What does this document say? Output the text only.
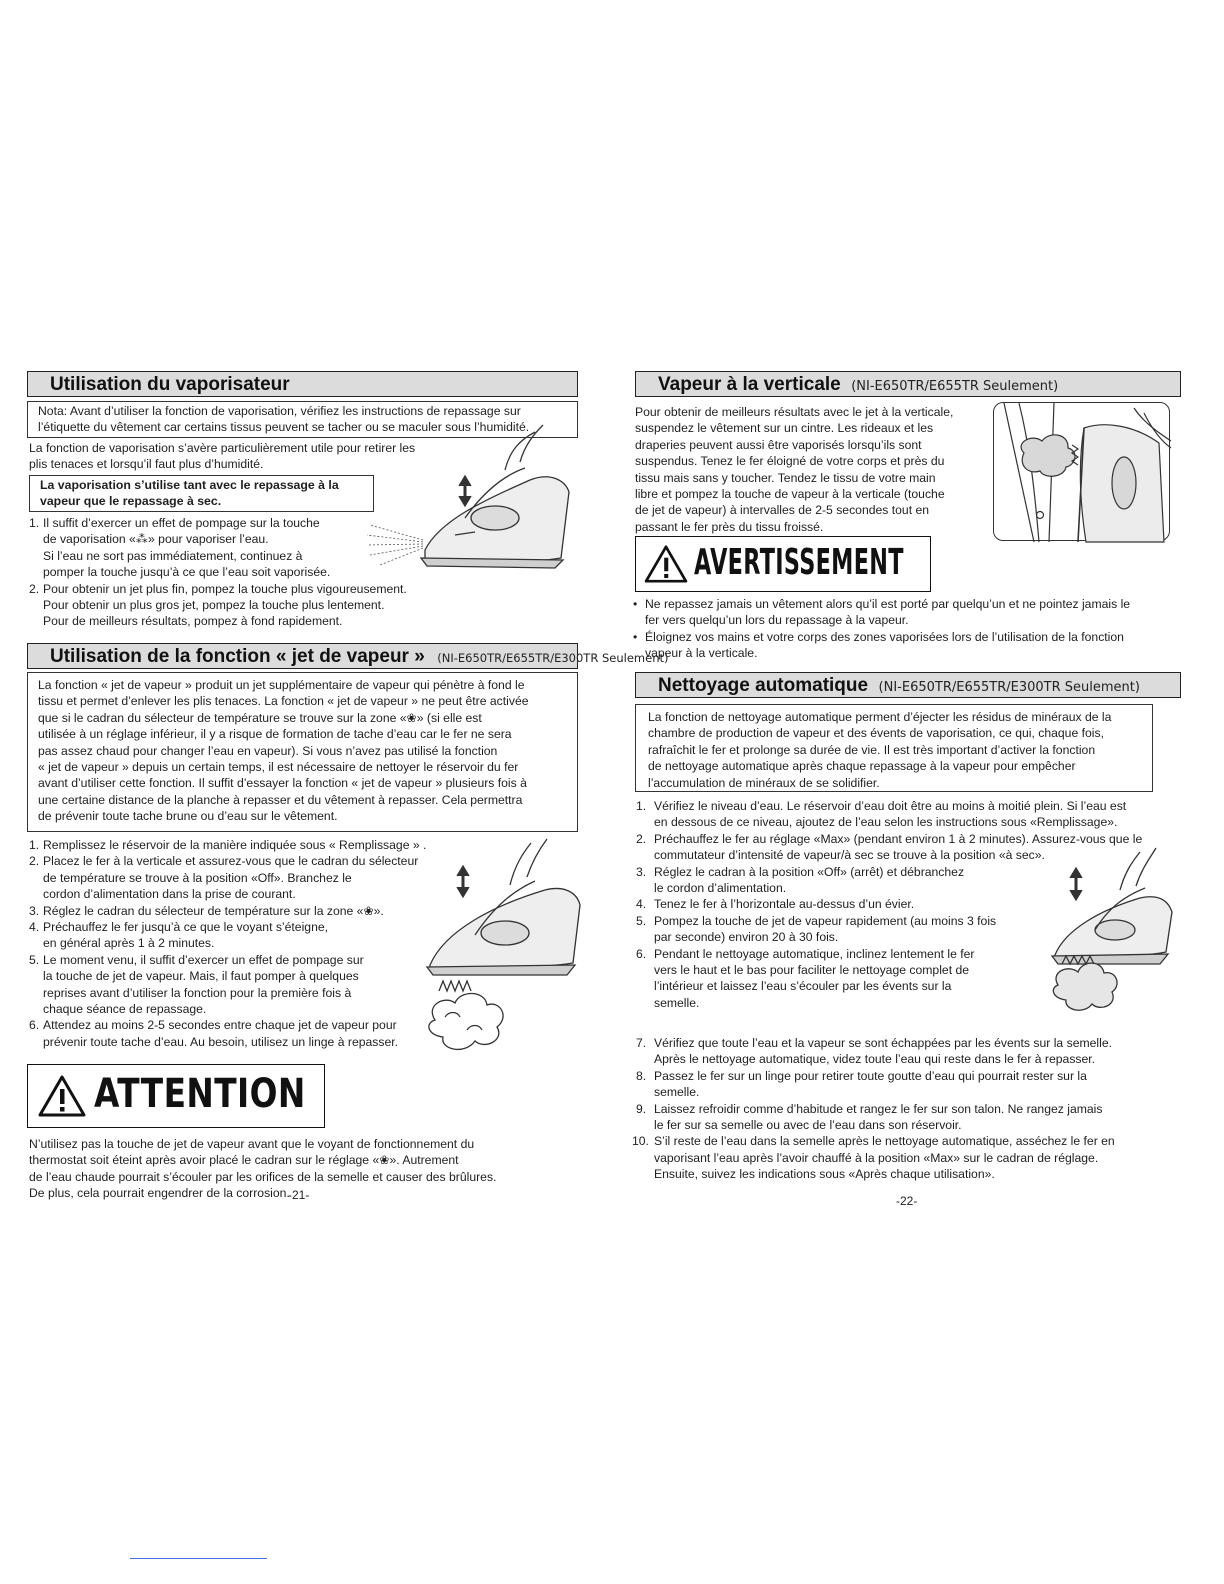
Utilisation du vaporisateur
Nota: Avant d’utiliser la fonction de vaporisation, vérifiez les instructions de repassage sur l’étiquette du vêtement car certains tissus peuvent se tacher ou se maculer sous l’humidité.
La fonction de vaporisation s’avère particulièrement utile pour retirer les
plis tenaces et lorsqu’il faut plus d’humidité.
La vaporisation s’utilise tant avec le repassage à la
vapeur que le repassage à sec.
1. Il suffit d’exercer un effet de pompage sur la touche
de vaporisation «⁂» pour vaporiser l’eau.
Si l’eau ne sort pas immédiatement, continuez à
pomper la touche jusqu’à ce que l’eau soit vaporisée.
2. Pour obtenir un jet plus fin, pompez la touche plus vigoureusement.
Pour obtenir un plus gros jet, pompez la touche plus lentement.
Pour de meilleurs résultats, pompez à fond rapidement.
Utilisation de la fonction « jet de vapeur » (NI-E650TR/E655TR/E300TR Seulement)
La fonction « jet de vapeur » produit un jet supplémentaire de vapeur qui pénètre à fond le
tissu et permet d’enlever les plis tenaces. La fonction « jet de vapeur » ne peut être activée
que si le cadran du sélecteur de température se trouve sur la zone «❀» (si elle est
utilisée à un réglage inférieur, il y a risque de formation de tache d’eau car le fer ne sera
pas assez chaud pour changer l’eau en vapeur). Si vous n’avez pas utilisé la fonction
« jet de vapeur » depuis un certain temps, il est nécessaire de nettoyer le réservoir du fer
avant d’utiliser cette fonction. Il suffit d’essayer la fonction « jet de vapeur » plusieurs fois à
une certaine distance de la planche à repasser et du vêtement à repasser. Cela permettra
de prévenir toute tache brune ou d’eau sur le vêtement.
1. Remplissez le réservoir de la manière indiquée sous « Remplissage » .
2. Placez le fer à la verticale et assurez-vous que le cadran du sélecteur
de température se trouve à la position «Off». Branchez le
cordon d’alimentation dans la prise de courant.
3. Réglez le cadran du sélecteur de température sur la zone «❀».
4. Préchauffez le fer jusqu’à ce que le voyant s’éteigne,
en général après 1 à 2 minutes.
5. Le moment venu, il suffit d’exercer un effet de pompage sur
la touche de jet de vapeur. Mais, il faut pomper à quelques
reprises avant d’utiliser la fonction pour la première fois à
chaque séance de repassage.
6. Attendez au moins 2-5 secondes entre chaque jet de vapeur pour
prévenir toute tache d’eau. Au besoin, utilisez un linge à repasser.
ATTENTION
N’utilisez pas la touche de jet de vapeur avant que le voyant de fonctionnement du
thermostat soit éteint après avoir placé le cadran sur le réglage «❀». Autrement
de l’eau chaude pourrait s’écouler par les orifices de la semelle et causer des brûlures.
De plus, cela pourrait engendrer de la corrosion.
-21-
Vapeur à la verticale (NI-E650TR/E655TR Seulement)
Pour obtenir de meilleurs résultats avec le jet à la verticale,
suspendez le vêtement sur un cintre. Les rideaux et les
draperies peuvent aussi être vaporisés lorsqu’ils sont
suspendus. Tenez le fer éloigné de votre corps et près du
tissu mais sans y toucher. Tendez le tissu de votre main
libre et pompez la touche de vapeur à la verticale (touche
de jet de vapeur) à intervalles de 2-5 secondes tout en
passant le fer près du tissu froissé.
AVERTISSEMENT
• Ne repassez jamais un vêtement alors qu’il est porté par quelqu’un et ne pointez jamais le
fer vers quelqu’un lors du repassage à la vapeur.
• Éloignez vos mains et votre corps des zones vaporisées lors de l’utilisation de la fonction
vapeur à la verticale.
Nettoyage automatique (NI-E650TR/E655TR/E300TR Seulement)
La fonction de nettoyage automatique perment d’éjecter les résidus de minéraux de la
chambre de production de vapeur et des évents de vaporisation, ce qui, chaque fois,
rafraîchit le fer et prolonge sa durée de vie. Il est très important d’activer la fonction
de nettoyage automatique après chaque repassage à la vapeur pour empêcher
l’accumulation de minéraux de se solidifier.
1. Vérifiez le niveau d’eau. Le réservoir d’eau doit être au moins à moitié plein. Si l’eau est
en dessous de ce niveau, ajoutez de l’eau selon les instructions sous «Remplissage».
2. Préchauffez le fer au réglage «Max» (pendant environ 1 à 2 minutes). Assurez-vous que le
commutateur d’intensité de vapeur/à sec se trouve à la position «à sec».
3. Réglez le cadran à la position «Off» (arrêt) et débranchez
le cordon d’alimentation.
4. Tenez le fer à l’horizontale au-dessus d’un évier.
5. Pompez la touche de jet de vapeur rapidement (au moins 3 fois
par seconde) environ 20 à 30 fois.
6. Pendant le nettoyage automatique, inclinez lentement le fer
vers le haut et le bas pour faciliter le nettoyage complet de
l’intérieur et laissez l’eau s’écouler par les évents sur la
semelle.
7. Vérifiez que toute l’eau et la vapeur se sont échappées par les évents sur la semelle.
Après le nettoyage automatique, videz toute l’eau qui reste dans le fer à repasser.
8. Passez le fer sur un linge pour retirer toute goutte d’eau qui pourrait rester sur la
semelle.
9. Laissez refroidir comme d’habitude et rangez le fer sur son talon. Ne rangez jamais
le fer sur sa semelle ou avec de l’eau dans son réservoir.
10. S’il reste de l’eau dans la semelle après le nettoyage automatique, asséchez le fer en
vaporisant l’eau après l’avoir chauffé à la position «Max» sur le cadran de réglage.
Ensuite, suivez les indications sous «Après chaque utilisation».
-22-
